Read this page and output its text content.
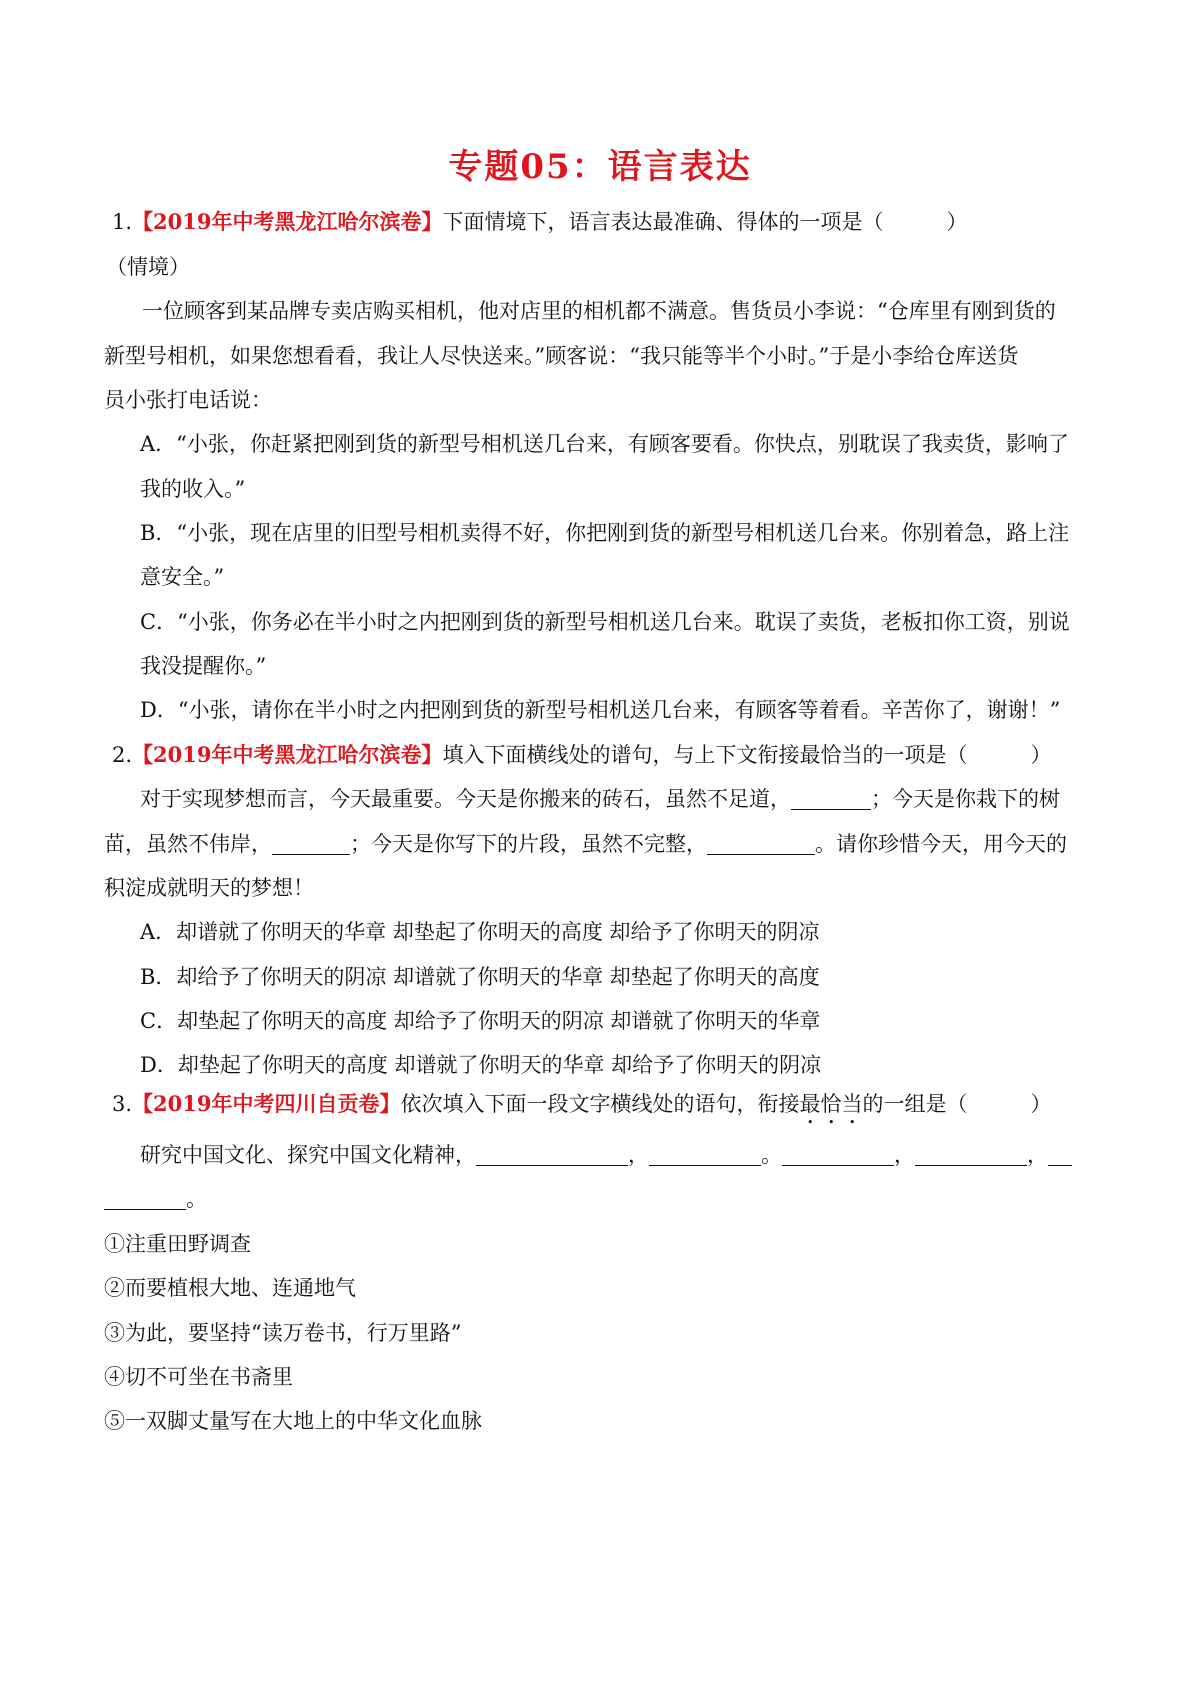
专题05：语言表达
1.【2019年中考黑龙江哈尔滨卷】下面情境下，语言表达最准确、得体的一项是（　　　）
（情境）
一位顾客到某品牌专卖店购买相机，他对店里的相机都不满意。售货员小李说：“仓库里有刚到货的
新型号相机，如果您想看看，我让人尽快送来。”顾客说：“我只能等半个小时。”于是小李给仓库送货
员小张打电话说：
A．“小张，你赶紧把刚到货的新型号相机送几台来，有顾客要看。你快点，别耽误了我卖货，影响了
我的收入。”
B．“小张，现在店里的旧型号相机卖得不好，你把刚到货的新型号相机送几台来。你别着急，路上注
意安全。”
C．“小张，你务必在半小时之内把刚到货的新型号相机送几台来。耽误了卖货，老板扣你工资，别说
我没提醒你。”
D．“小张，请你在半小时之内把刚到货的新型号相机送几台来，有顾客等着看。辛苦你了，谢谢！”
2.【2019年中考黑龙江哈尔滨卷】填入下面横线处的谱句，与上下文衔接最恰当的一项是（　　　）
对于实现梦想而言，今天最重要。今天是你搬来的砖石，虽然不足道，	；今天是你栽下的树
苗，虽然不伟岸，	；今天是你写下的片段，虽然不完整，	。请你珍惜今天，用今天的
积淀成就明天的梦想！
A．却谱就了你明天的华章 却垫起了你明天的高度 却给予了你明天的阴凉
B．却给予了你明天的阴凉 却谱就了你明天的华章 却垫起了你明天的高度
C．却垫起了你明天的高度 却给予了你明天的阴凉 却谱就了你明天的华章
D．却垫起了你明天的高度 却谱就了你明天的华章 却给予了你明天的阴凉
3.【2019年中考四川自贡卷】依次填入下面一段文字横线处的语句，衔接最恰当的一组是（　　　）
研究中国文化、探究中国文化精神，	，	。	，	，
。
①注重田野调查
②而要植根大地、连通地气
③为此，要坚持“读万卷书，行万里路”
④切不可坐在书斋里
⑤一双脚丈量写在大地上的中华文化血脉
